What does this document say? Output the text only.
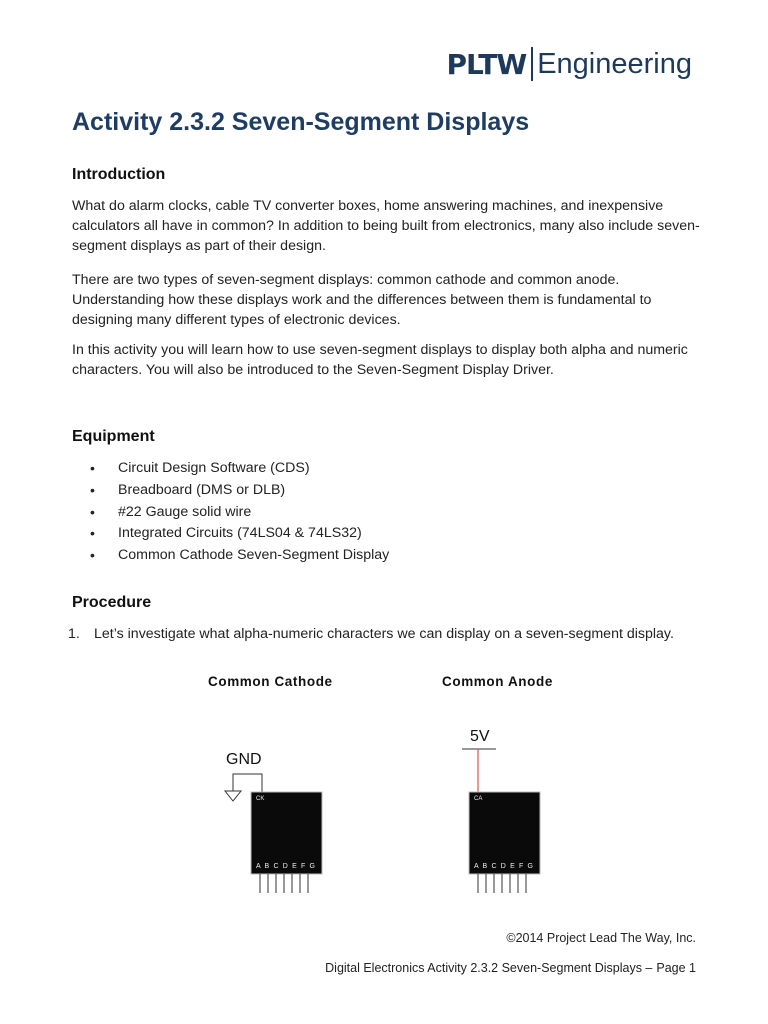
PLTW Engineering
Activity 2.3.2 Seven-Segment Displays
Introduction

What do alarm clocks, cable TV converter boxes, home answering machines, and inexpensive calculators all have in common? In addition to being built from electronics, many also include seven-segment displays as part of their design.

There are two types of seven-segment displays: common cathode and common anode. Understanding how these displays work and the differences between them is fundamental to designing many different types of electronic devices.

In this activity you will learn how to use seven-segment displays to display both alpha and numeric characters. You will also be introduced to the Seven-Segment Display Driver.

Equipment
• Circuit Design Software (CDS)
• Breadboard (DMS or DLB)
• #22 Gauge solid wire
• Integrated Circuits (74LS04 & 74LS32)
• Common Cathode Seven-Segment Display
Procedure
1. Let’s investigate what alpha-numeric characters we can display on a seven-segment display.
Common Cathode	Common Anode
GND
CK
A B C D E F G
5V
CA
A B C D E F G
©2014 Project Lead The Way, Inc.
Digital Electronics Activity 2.3.2 Seven-Segment Displays – Page 1
